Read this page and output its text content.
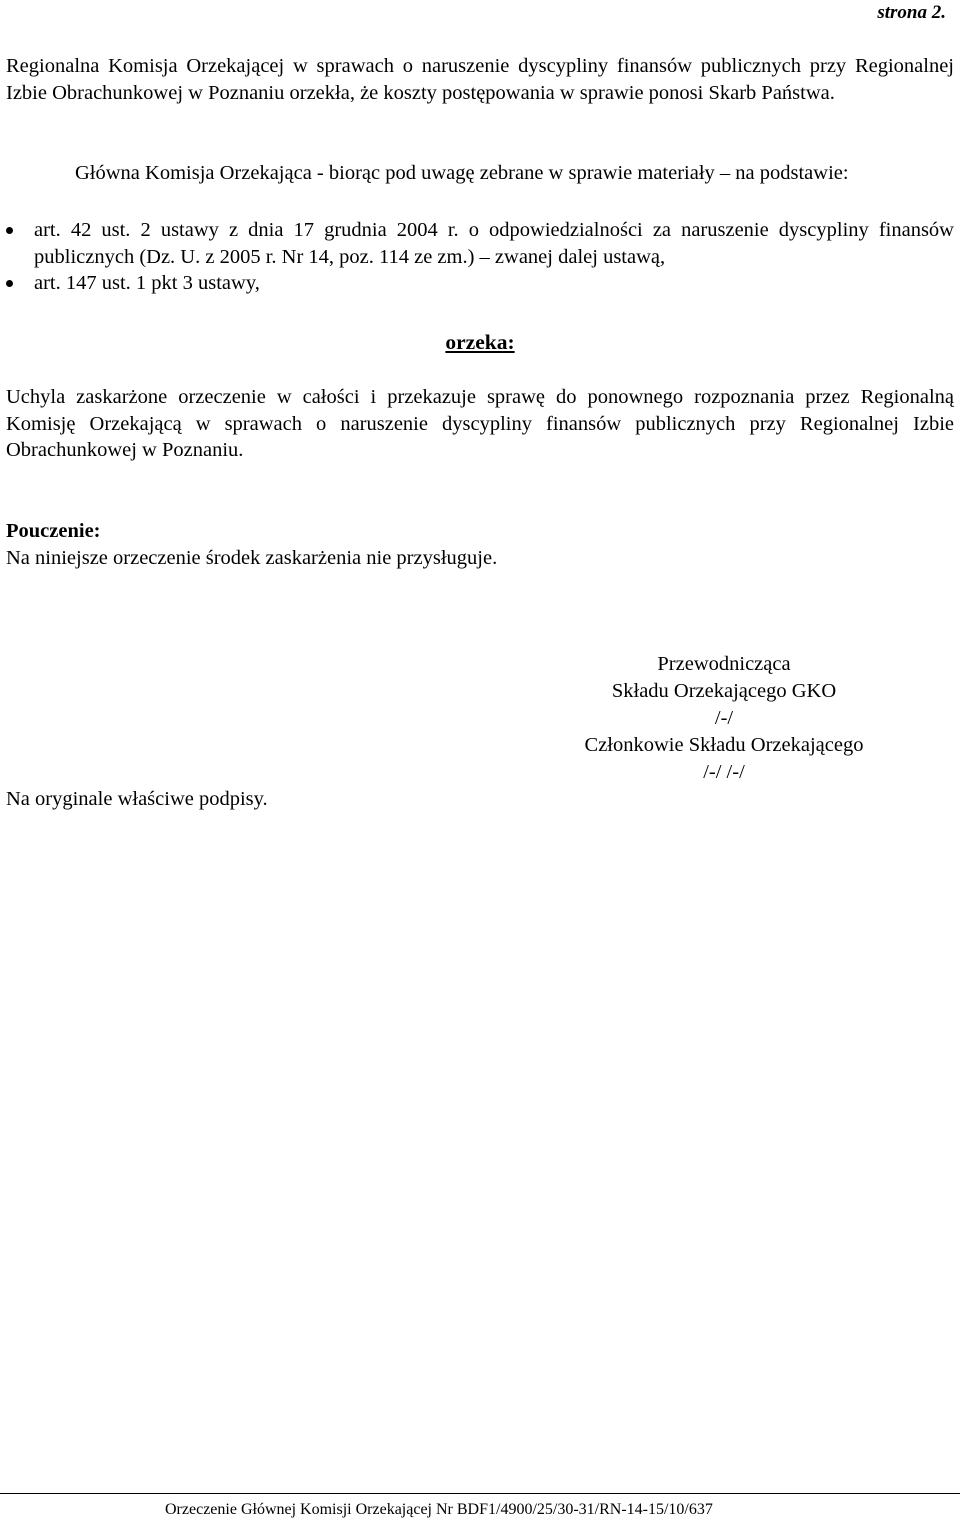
strona 2.
Regionalna Komisja Orzekającej w sprawach o naruszenie dyscypliny finansów publicznych przy Regionalnej Izbie Obrachunkowej w Poznaniu orzekła, że koszty postępowania w sprawie ponosi Skarb Państwa.
Główna Komisja Orzekająca - biorąc pod uwagę zebrane w sprawie materiały – na podstawie:
art. 42 ust. 2 ustawy z dnia 17 grudnia 2004 r. o odpowiedzialności za naruszenie dyscypliny finansów publicznych (Dz. U. z 2005 r. Nr 14, poz. 114 ze zm.) – zwanej dalej ustawą,
art. 147 ust. 1 pkt 3 ustawy,
orzeka:
Uchyla zaskarżone orzeczenie w całości i przekazuje sprawę do ponownego rozpoznania przez Regionalną Komisję Orzekającą w sprawach o naruszenie dyscypliny finansów publicznych przy Regionalnej Izbie Obrachunkowej w Poznaniu.
Pouczenie:
Na niniejsze orzeczenie środek zaskarżenia nie przysługuje.
Przewodnicząca
Składu Orzekającego GKO
/-/
Członkowie Składu Orzekającego
/-/ /-/
Na oryginale właściwe podpisy.
Orzeczenie Głównej Komisji Orzekającej Nr BDF1/4900/25/30-31/RN-14-15/10/637
